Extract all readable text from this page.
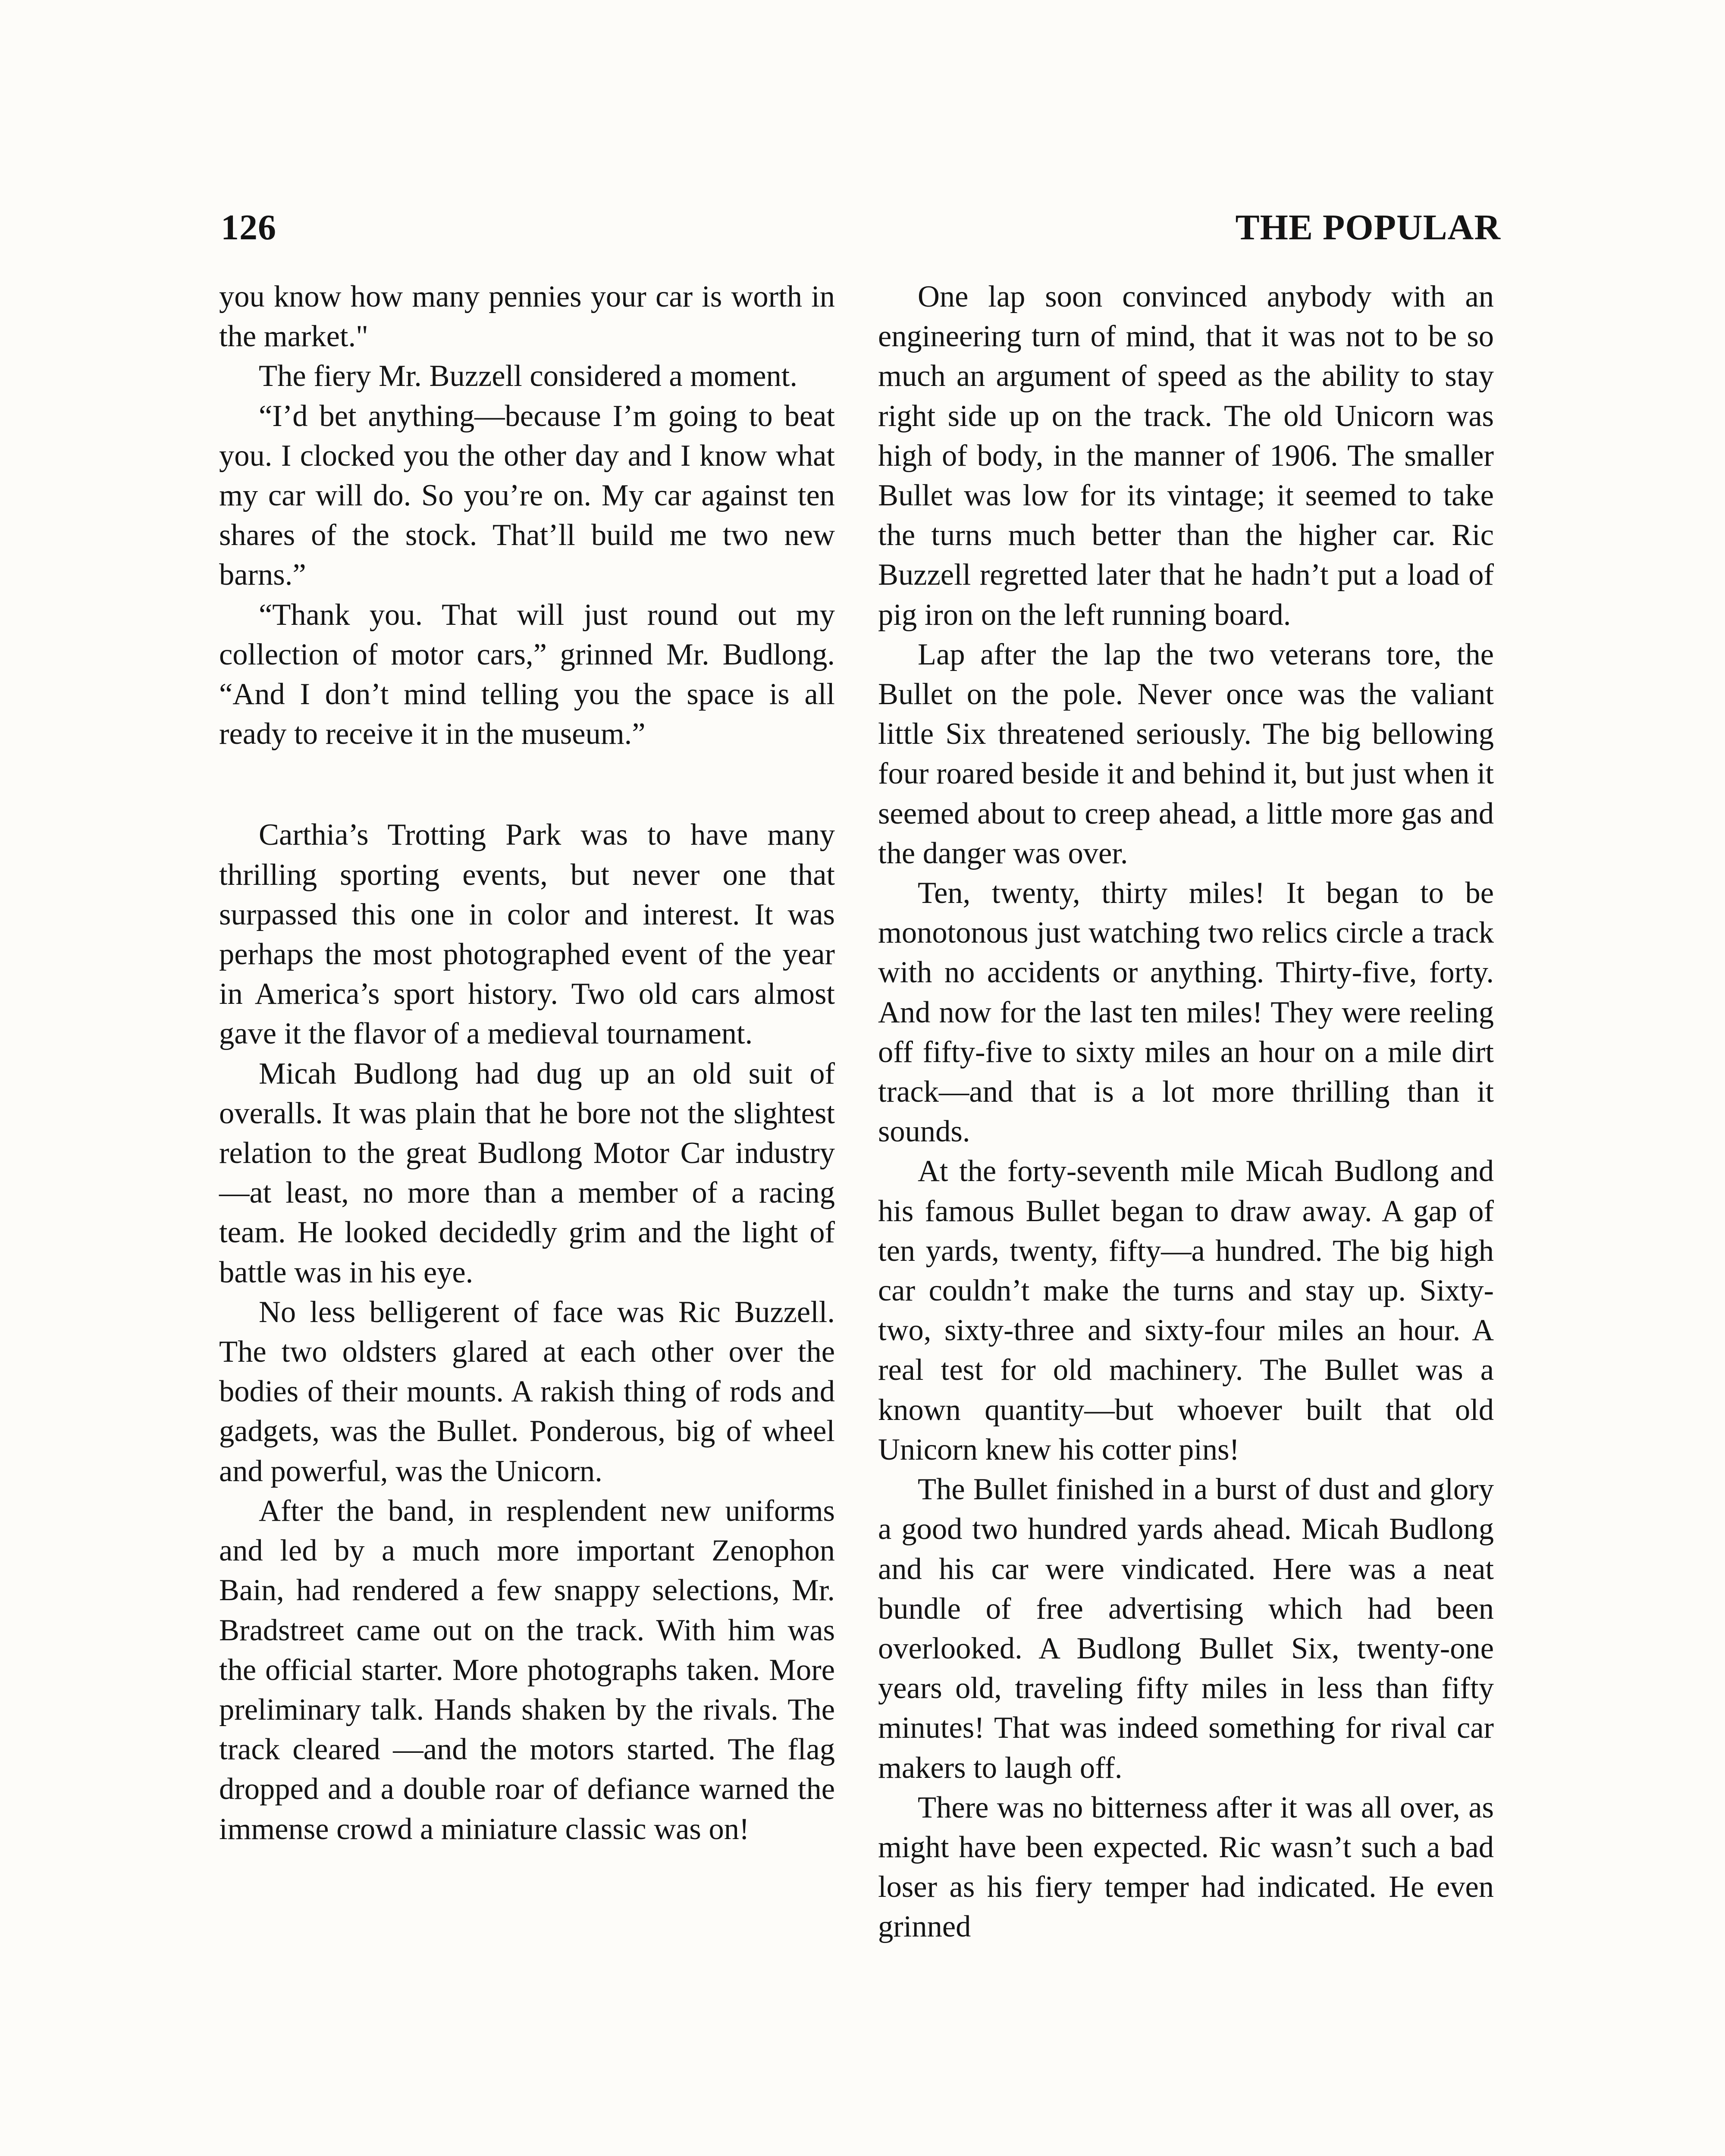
126	THE POPULAR

you know how many pennies your car is worth in the market."

The fiery Mr. Buzzell considered a moment.

“I’d bet anything—because I’m going to beat you. I clocked you the other day and I know what my car will do. So you’re on. My car against ten shares of the stock. That’ll build me two new barns.”

“Thank you. That will just round out my collection of motor cars,” grinned Mr. Budlong. “And I don’t mind telling you the space is all ready to receive it in the museum.”

Carthia’s Trotting Park was to have many thrilling sporting events, but never one that surpassed this one in color and interest. It was perhaps the most photographed event of the year in America’s sport history. Two old cars almost gave it the flavor of a medieval tournament.

Micah Budlong had dug up an old suit of overalls. It was plain that he bore not the slightest relation to the great Budlong Motor Car industry—at least, no more than a member of a racing team. He looked decidedly grim and the light of battle was in his eye.

No less belligerent of face was Ric Buzzell. The two oldsters glared at each other over the bodies of their mounts. A rakish thing of rods and gadgets, was the Bullet. Ponderous, big of wheel and powerful, was the Unicorn.

After the band, in resplendent new uniforms and led by a much more important Zenophon Bain, had rendered a few snappy selections, Mr. Bradstreet came out on the track. With him was the official starter. More photographs taken. More preliminary talk. Hands shaken by the rivals. The track cleared —and the motors started. The flag dropped and a double roar of defiance warned the immense crowd a miniature classic was on!

One lap soon convinced anybody with an engineering turn of mind, that it was not to be so much an argument of speed as the ability to stay right side up on the track. The old Unicorn was high of body, in the manner of 1906. The smaller Bullet was low for its vintage; it seemed to take the turns much better than the higher car. Ric Buzzell regretted later that he hadn’t put a load of pig iron on the left running board.

Lap after the lap the two veterans tore, the Bullet on the pole. Never once was the valiant little Six threatened seriously. The big bellowing four roared beside it and behind it, but just when it seemed about to creep ahead, a little more gas and the danger was over.

Ten, twenty, thirty miles! It began to be monotonous just watching two relics circle a track with no accidents or anything. Thirty-five, forty. And now for the last ten miles! They were reeling off fifty-five to sixty miles an hour on a mile dirt track—and that is a lot more thrilling than it sounds.

At the forty-seventh mile Micah Budlong and his famous Bullet began to draw away. A gap of ten yards, twenty, fifty—a hundred. The big high car couldn’t make the turns and stay up. Sixty-two, sixty-three and sixty-four miles an hour. A real test for old machinery. The Bullet was a known quantity—but whoever built that old Unicorn knew his cotter pins!

The Bullet finished in a burst of dust and glory a good two hundred yards ahead. Micah Budlong and his car were vindicated. Here was a neat bundle of free advertising which had been overlooked. A Budlong Bullet Six, twenty-one years old, traveling fifty miles in less than fifty minutes! That was indeed something for rival car makers to laugh off.

There was no bitterness after it was all over, as might have been expected. Ric wasn’t such a bad loser as his fiery temper had indicated. He even grinned
